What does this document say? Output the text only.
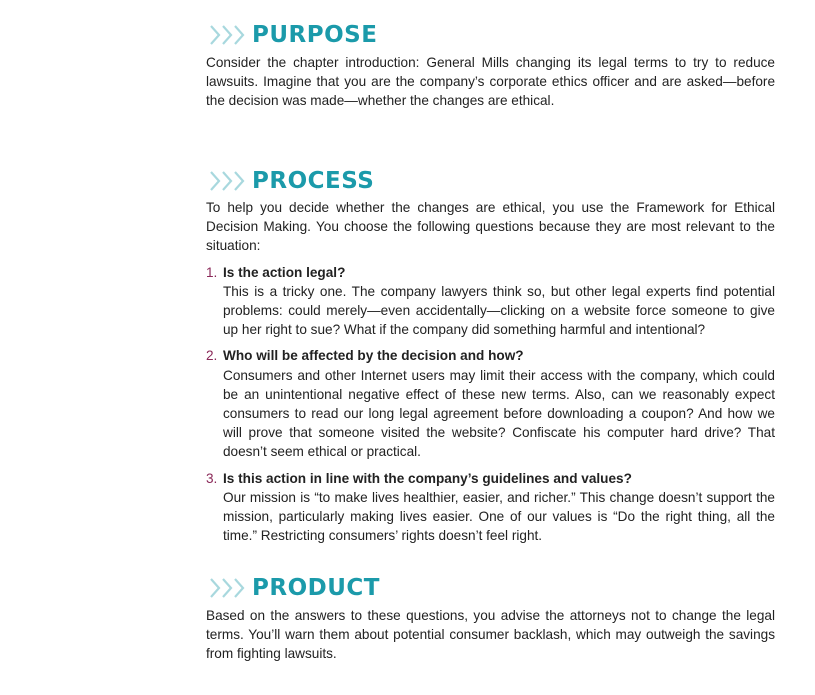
PURPOSE

Consider the chapter introduction: General Mills changing its legal terms to try to reduce lawsuits. Imagine that you are the company’s corporate ethics officer and are asked—before the decision was made—whether the changes are ethical.

PROCESS

To help you decide whether the changes are ethical, you use the Framework for Ethical Decision Making. You choose the following questions because they are most relevant to the situation:

1. Is the action legal?
This is a tricky one. The company lawyers think so, but other legal experts find potential problems: could merely—even accidentally—clicking on a website force someone to give up her right to sue? What if the company did something harmful and intentional?
2. Who will be affected by the decision and how?
Consumers and other Internet users may limit their access with the company, which could be an unintentional negative effect of these new terms. Also, can we reasonably expect consumers to read our long legal agreement before downloading a coupon? And how we will prove that someone visited the website? Confiscate his computer hard drive? That doesn’t seem ethical or practical.
3. Is this action in line with the company’s guidelines and values?
Our mission is “to make lives healthier, easier, and richer.” This change doesn’t support the mission, particularly making lives easier. One of our values is “Do the right thing, all the time.” Restricting consumers’ rights doesn’t feel right.
PRODUCT

Based on the answers to these questions, you advise the attorneys not to change the legal terms. You’ll warn them about potential consumer backlash, which may outweigh the savings from fighting lawsuits.
